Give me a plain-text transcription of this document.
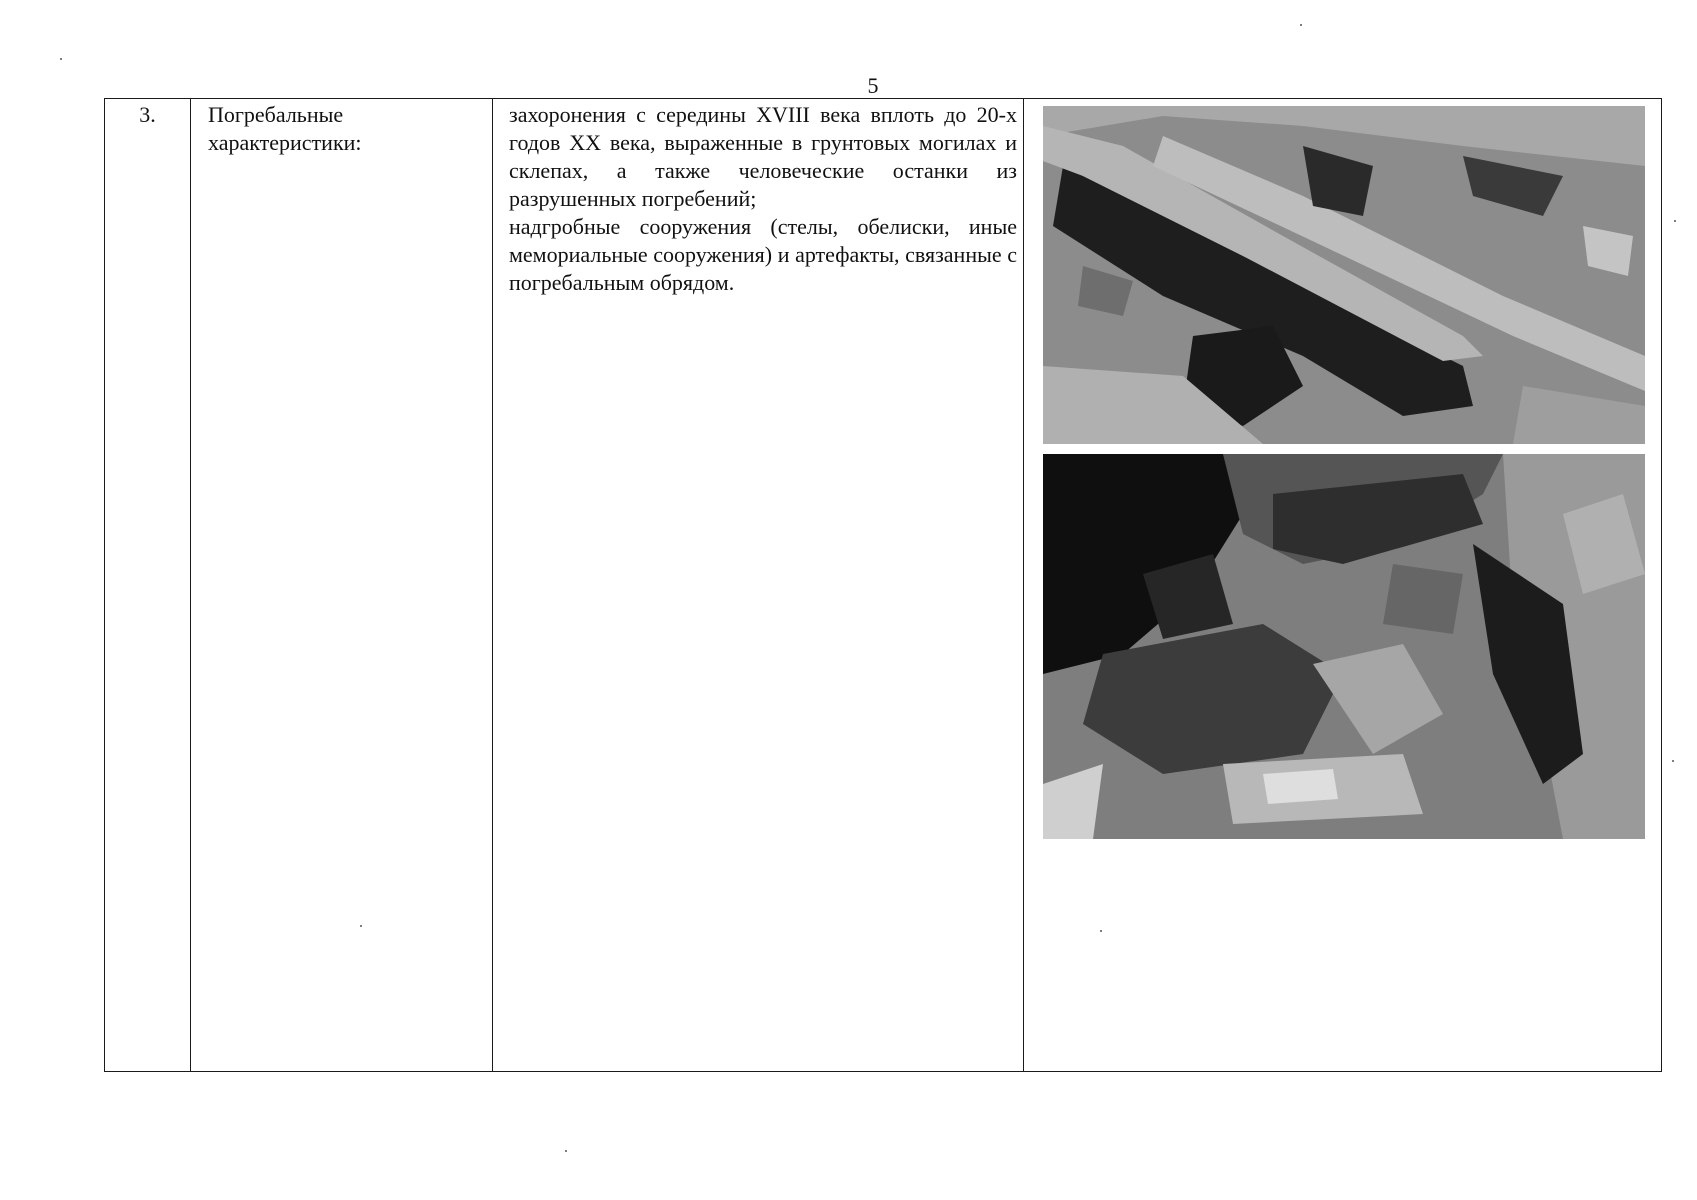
5
3.	Погребальные характеристики:	

захоронения с середины XVIII века вплоть до 20-х годов XX века, выраженные в грунтовых могилах и склепах, а также человеческие останки из разрушенных погребений;

надгробные сооружения (стелы, обелиски, иные мемориальные сооружения) и артефакты, связанные с погребальным обрядом.
